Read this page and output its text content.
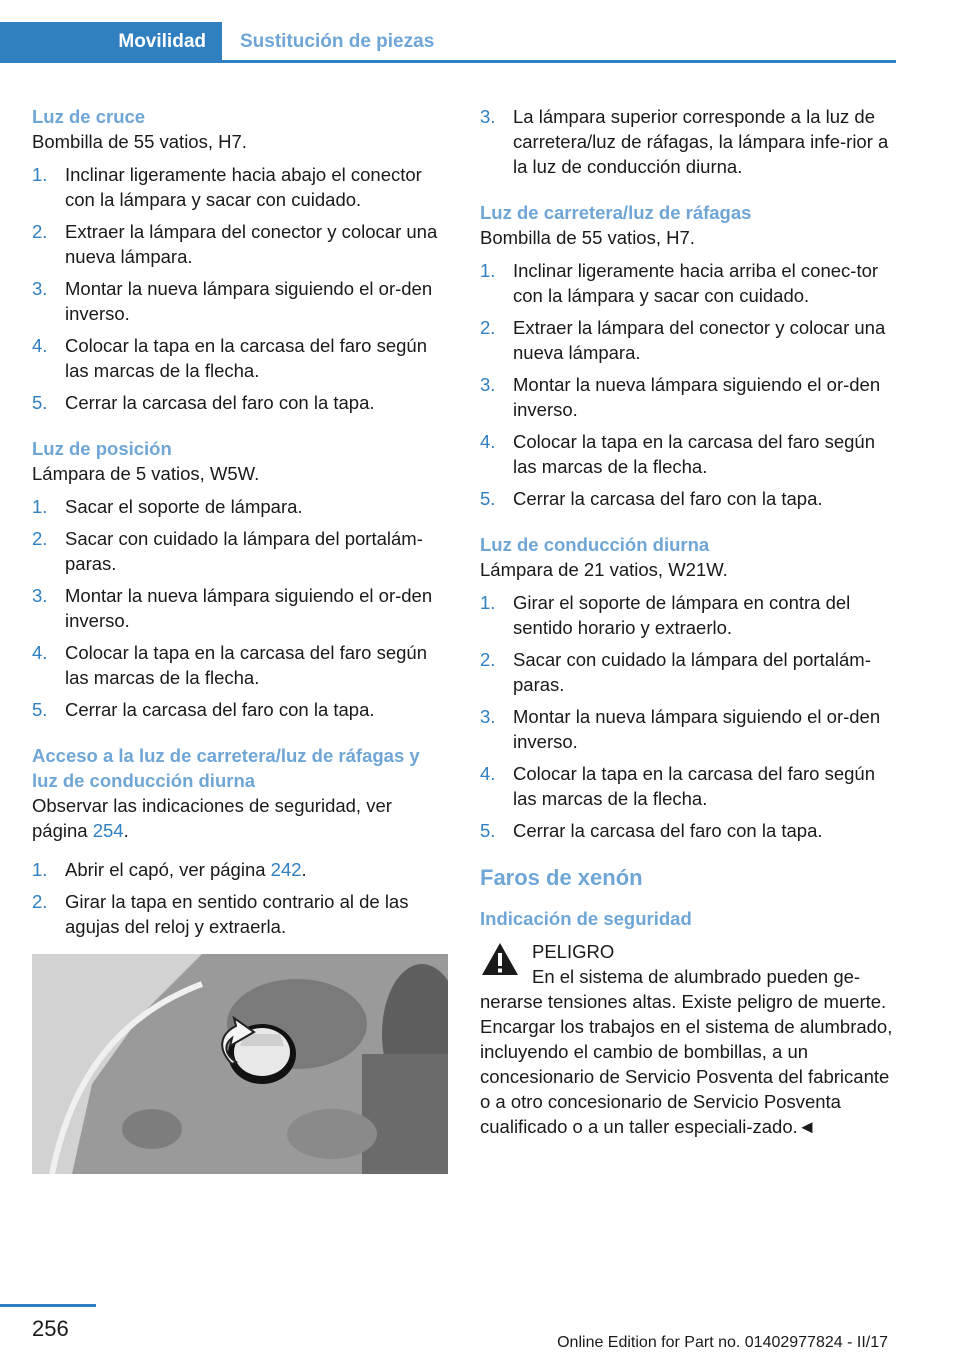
Movilidad Sustitución de piezas

Luz de cruce

Bombilla de 55 vatios, H7.

1. Inclinar ligeramente hacia abajo el conector con la lámpara y sacar con cuidado.
2. Extraer la lámpara del conector y colocar una nueva lámpara.
3. Montar la nueva lámpara siguiendo el or‐den inverso.
4. Colocar la tapa en la carcasa del faro según las marcas de la flecha.
5. Cerrar la carcasa del faro con la tapa.

Luz de posición

Lámpara de 5 vatios, W5W.

1. Sacar el soporte de lámpara.
2. Sacar con cuidado la lámpara del portalám‐paras.
3. Montar la nueva lámpara siguiendo el or‐den inverso.
4. Colocar la tapa en la carcasa del faro según las marcas de la flecha.
5. Cerrar la carcasa del faro con la tapa.

Acceso a la luz de carretera/luz de ráfagas y luz de conducción diurna

Observar las indicaciones de seguridad, ver página 254.

1. Abrir el capó, ver página 242.
2. Girar la tapa en sentido contrario al de las agujas del reloj y extraerla.
3. La lámpara superior corresponde a la luz de carretera/luz de ráfagas, la lámpara infe‐rior a la luz de conducción diurna.

Luz de carretera/luz de ráfagas

Bombilla de 55 vatios, H7.

1. Inclinar ligeramente hacia arriba el conec‐tor con la lámpara y sacar con cuidado.
2. Extraer la lámpara del conector y colocar una nueva lámpara.
3. Montar la nueva lámpara siguiendo el or‐den inverso.
4. Colocar la tapa en la carcasa del faro según las marcas de la flecha.
5. Cerrar la carcasa del faro con la tapa.

Luz de conducción diurna

Lámpara de 21 vatios, W21W.

1. Girar el soporte de lámpara en contra del sentido horario y extraerlo.
2. Sacar con cuidado la lámpara del portalám‐paras.
3. Montar la nueva lámpara siguiendo el or‐den inverso.
4. Colocar la tapa en la carcasa del faro según las marcas de la flecha.
5. Cerrar la carcasa del faro con la tapa.

Faros de xenón

Indicación de seguridad

PELIGRO

En el sistema de alumbrado pueden ge‐nerarse tensiones altas. Existe peligro de muerte. Encargar los trabajos en el sistema de alumbrado, incluyendo el cambio de bombillas, a un concesionario de Servicio Posventa del fabricante o a otro concesionario de Servicio Posventa cualificado o a un taller especiali‐zado.◄

256
Online Edition for Part no. 01402977824 - II/17
